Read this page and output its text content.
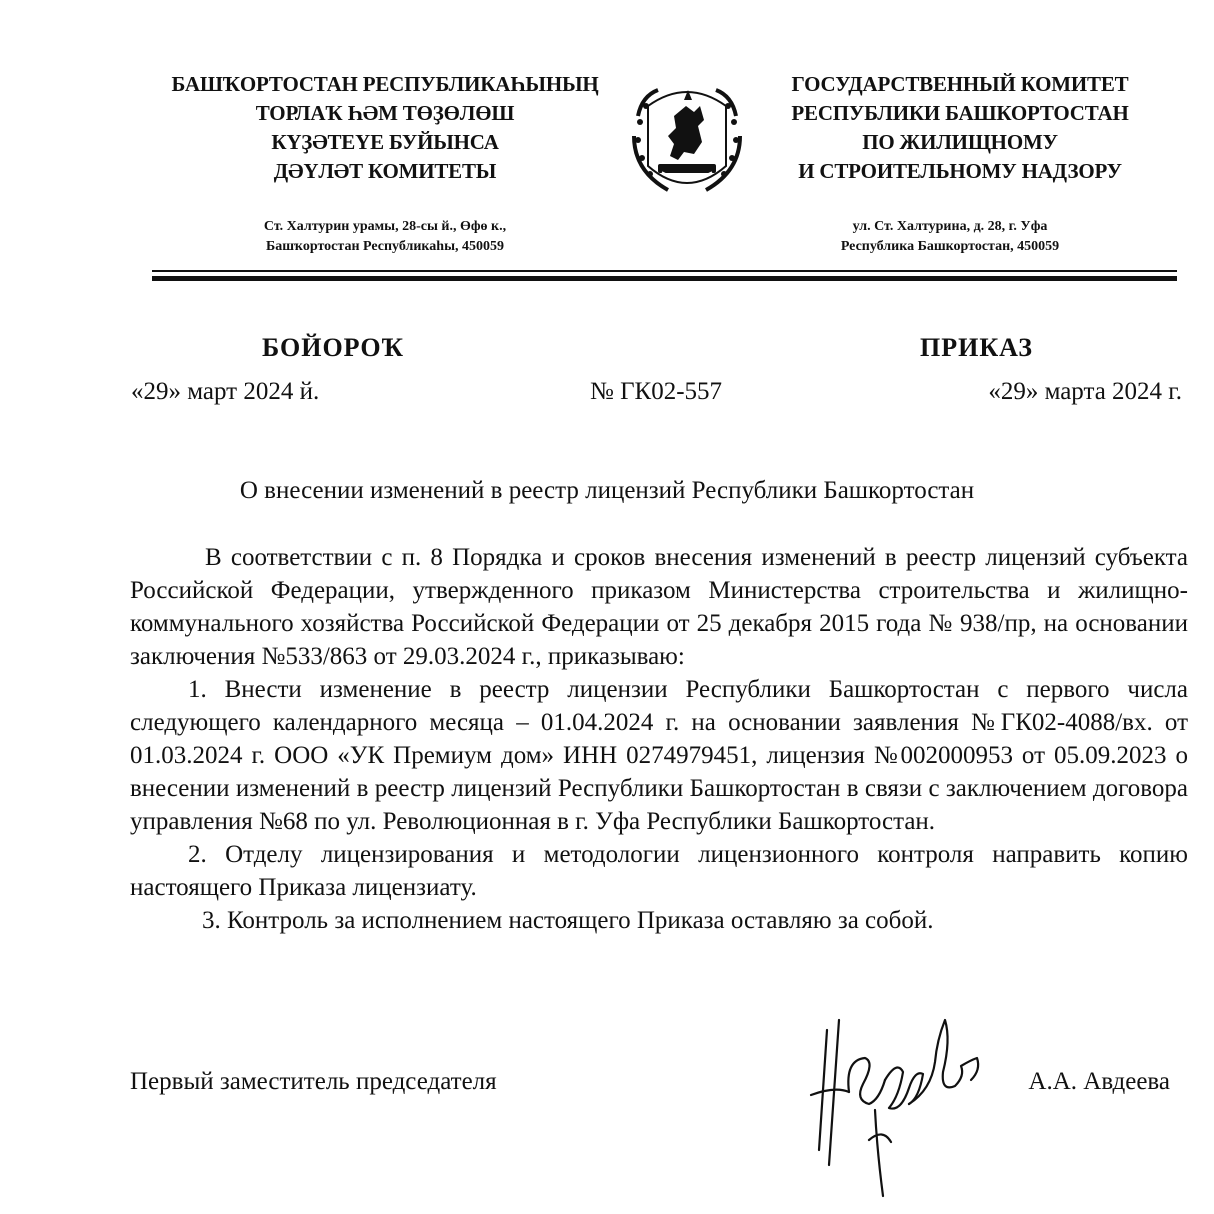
БАШҠОРТОСТАН РЕСПУБЛИКАҺЫНЫҢ
ТОРЛАҠ ҺӘМ ТӨҘӨЛӨШ
КҮҘӘТЕҮЕ БУЙЫНСА
ДӘҮЛӘТ КОМИТЕТЫ
Ст. Халтурин урамы, 28-сы й., Өфө к.,
Башҡортостан Республикаһы, 450059
ГОСУДАРСТВЕННЫЙ КОМИТЕТ
РЕСПУБЛИКИ БАШКОРТОСТАН
ПО ЖИЛИЩНОМУ
И СТРОИТЕЛЬНОМУ НАДЗОРУ
ул. Ст. Халтурина, д. 28, г. Уфа
Республика Башкортостан, 450059
БОЙОРОҠ	ПРИКАЗ
«29» март 2024 й.	№ ГК02-557	«29» марта 2024 г.
О внесении изменений в реестр лицензий Республики Башкортостан

В соответствии с п. 8 Порядка и сроков внесения изменений в реестр лицензий субъекта Российской Федерации, утвержденного приказом Министерства строительства и жилищно-коммунального хозяйства Российской Федерации от 25 декабря 2015 года № 938/пр, на основании заключения №533/863 от 29.03.2024 г., приказываю:

1. Внести изменение в реестр лицензии Республики Башкортостан с первого числа следующего календарного месяца – 01.04.2024 г. на основании заявления №ГК02-4088/вх. от 01.03.2024 г. ООО «УК Премиум дом» ИНН 0274979451, лицензия №002000953 от 05.09.2023 о внесении изменений в реестр лицензий Республики Башкортостан в связи с заключением договора управления №68 по ул. Революционная в г. Уфа Республики Башкортостан.

2. Отделу лицензирования и методологии лицензионного контроля направить копию настоящего Приказа лицензиату.

3. Контроль за исполнением настоящего Приказа оставляю за собой.

Первый заместитель председателя	А.А. Авдеева
